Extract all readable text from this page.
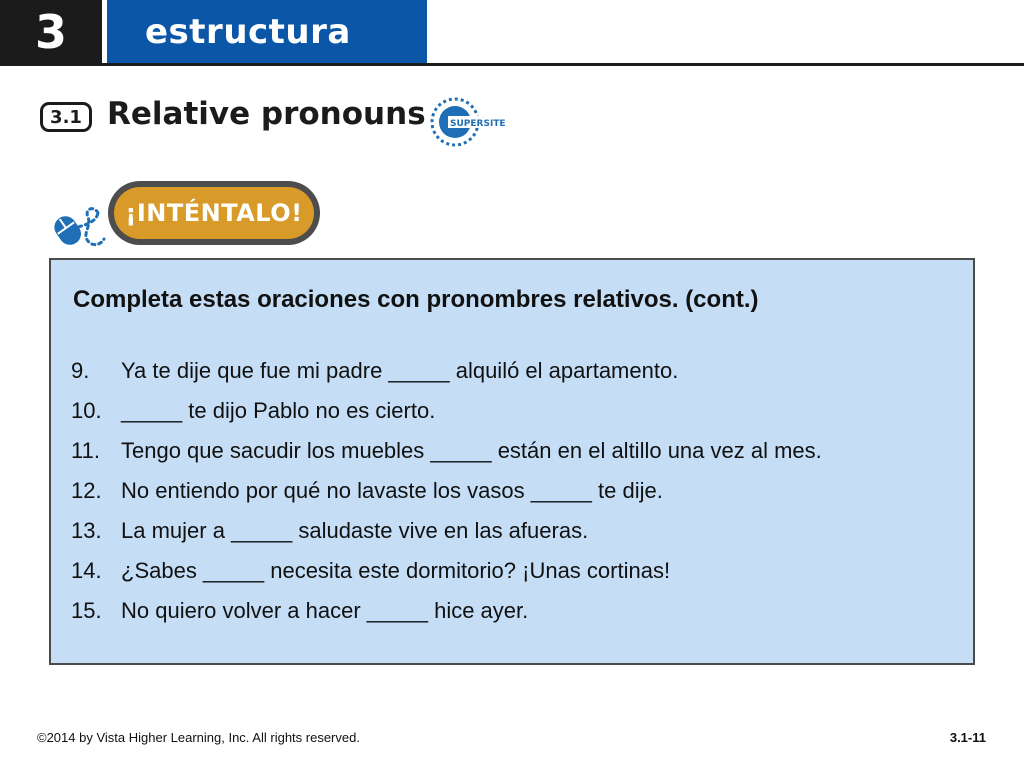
3	estructura
3.1 Relative pronouns	SUPERSITE
¡INTÉNTALO!
Completa estas oraciones con pronombres relativos. (cont.)
9.	Ya te dije que fue mi padre _____ alquiló el apartamento.
10. _____ te dijo Pablo no es cierto.
11. Tengo que sacudir los muebles _____ están en el altillo una vez al mes.
12. No entiendo por qué no lavaste los vasos _____ te dije.
13. La mujer a _____ saludaste vive en las afueras.
14. ¿Sabes _____ necesita este dormitorio? ¡Unas cortinas!
15. No quiero volver a hacer _____ hice ayer.
©2014 by Vista Higher Learning, Inc. All rights reserved.	3.1-11
